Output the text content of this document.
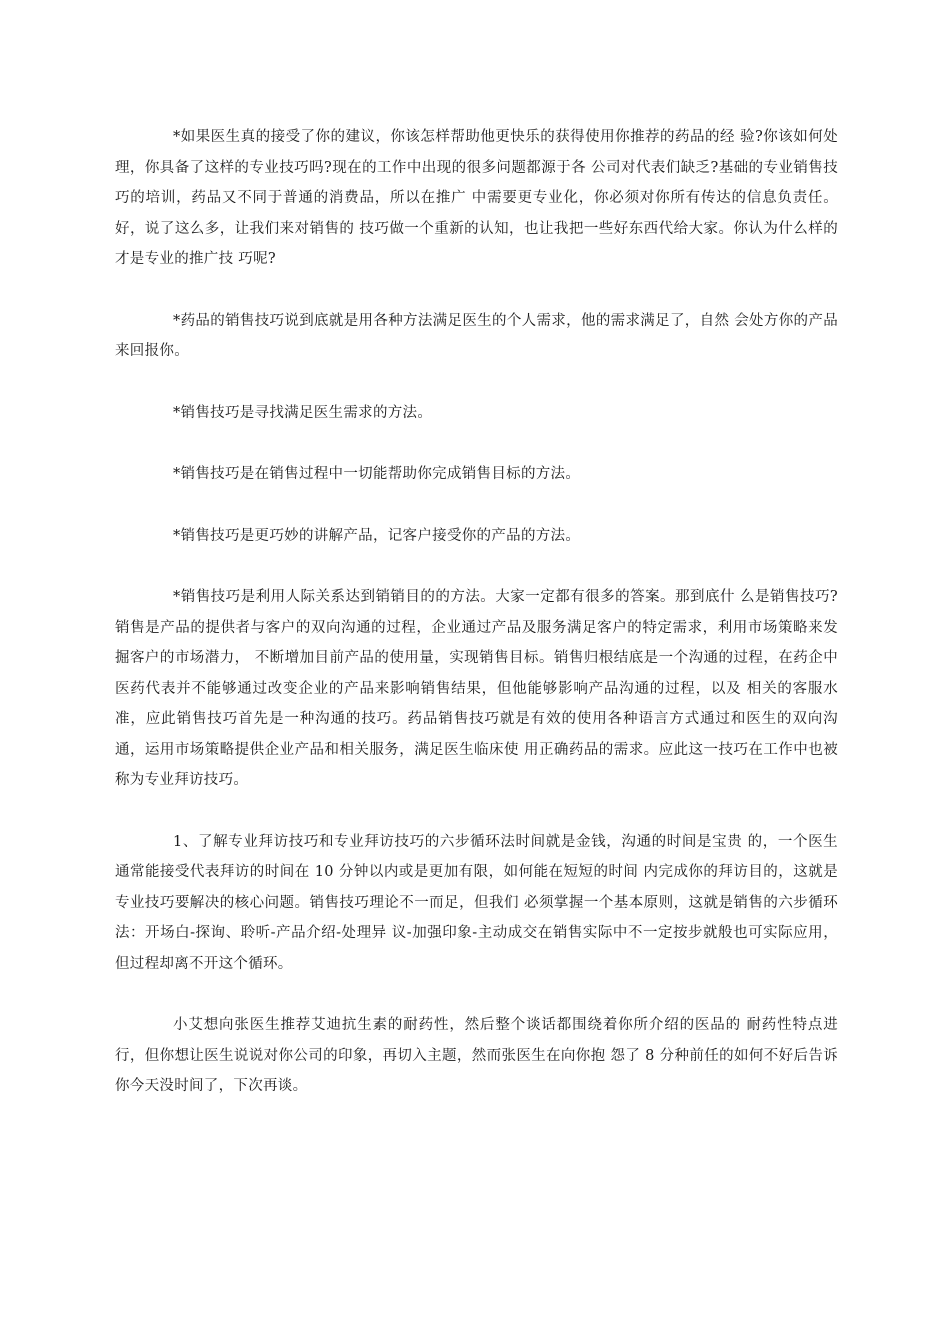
*如果医生真的接受了你的建议，你该怎样帮助他更快乐的获得使用你推荐的药品的经 验?你该如何处理，你具备了这样的专业技巧吗?现在的工作中出现的很多问题都源于各 公司对代表们缺乏?基础的专业销售技巧的培训，药品又不同于普通的消费品，所以在推广 中需要更专业化，你必须对你所有传达的信息负责任。好，说了这么多，让我们来对销售的 技巧做一个重新的认知，也让我把一些好东西代给大家。你认为什么样的才是专业的推广技 巧呢?

*药品的销售技巧说到底就是用各种方法满足医生的个人需求，他的需求满足了，自然 会处方你的产品来回报你。

*销售技巧是寻找满足医生需求的方法。

*销售技巧是在销售过程中一切能帮助你完成销售目标的方法。

*销售技巧是更巧妙的讲解产品，记客户接受你的产品的方法。

*销售技巧是利用人际关系达到销销目的的方法。大家一定都有很多的答案。那到底什 么是销售技巧?销售是产品的提供者与客户的双向沟通的过程，企业通过产品及服务满足客户的特定需求，利用市场策略来发掘客户的市场潜力， 不断增加目前产品的使用量，实现销售目标。销售归根结底是一个沟通的过程，在药企中医药代表并不能够通过改变企业的产品来影响销售结果，但他能够影响产品沟通的过程，以及 相关的客服水准，应此销售技巧首先是一种沟通的技巧。药品销售技巧就是有效的使用各种语言方式通过和医生的双向沟通，运用市场策略提供企业产品和相关服务，满足医生临床使 用正确药品的需求。应此这一技巧在工作中也被称为专业拜访技巧。

1、了解专业拜访技巧和专业拜访技巧的六步循环法时间就是金钱，沟通的时间是宝贵 的，一个医生通常能接受代表拜访的时间在 10 分钟以内或是更加有限，如何能在短短的时间 内完成你的拜访目的，这就是专业技巧要解决的核心问题。销售技巧理论不一而足，但我们 必须掌握一个基本原则，这就是销售的六步循环法：开场白-探询、聆听-产品介绍-处理异 议-加强印象-主动成交在销售实际中不一定按步就般也可实际应用，但过程却离不开这个循环。

小艾想向张医生推荐艾迪抗生素的耐药性，然后整个谈话都围绕着你所介绍的医品的 耐药性特点进行，但你想让医生说说对你公司的印象，再切入主题，然而张医生在向你抱 怨了 8 分种前任的如何不好后告诉你今天没时间了，下次再谈。
